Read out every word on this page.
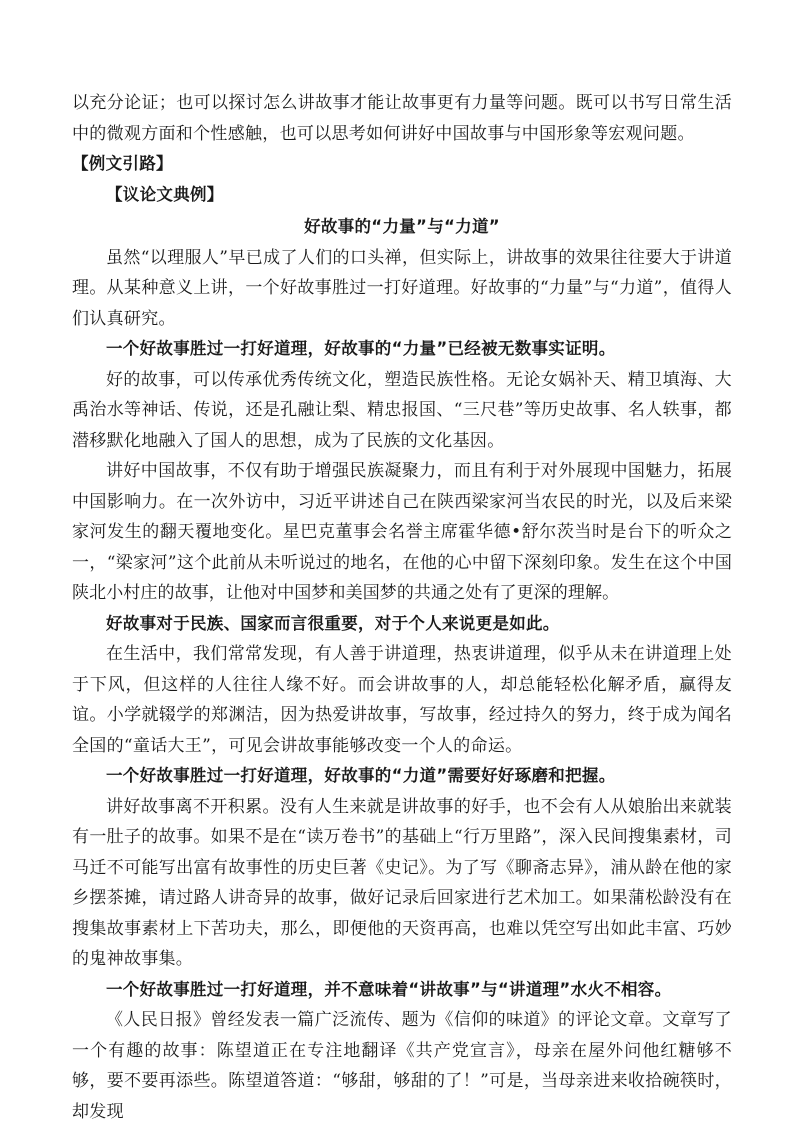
以充分论证；也可以探讨怎么讲故事才能让故事更有力量等问题。既可以书写日常生活中的微观方面和个性感触，也可以思考如何讲好中国故事与中国形象等宏观问题。

【例文引路】

【议论文典例】

好故事的“力量”与“力道”

虽然“以理服人”早已成了人们的口头禅，但实际上，讲故事的效果往往要大于讲道理。从某种意义上讲，一个好故事胜过一打好道理。好故事的“力量”与“力道”，值得人们认真研究。

一个好故事胜过一打好道理，好故事的“力量”已经被无数事实证明。

好的故事，可以传承优秀传统文化，塑造民族性格。无论女娲补天、精卫填海、大禹治水等神话、传说，还是孔融让梨、精忠报国、“三尺巷”等历史故事、名人轶事，都潜移默化地融入了国人的思想，成为了民族的文化基因。

讲好中国故事，不仅有助于增强民族凝聚力，而且有利于对外展现中国魅力，拓展中国影响力。在一次外访中，习近平讲述自己在陕西梁家河当农民的时光，以及后来梁家河发生的翻天覆地变化。星巴克董事会名誉主席霍华德•舒尔茨当时是台下的听众之一，“梁家河”这个此前从未听说过的地名，在他的心中留下深刻印象。发生在这个中国陕北小村庄的故事，让他对中国梦和美国梦的共通之处有了更深的理解。

好故事对于民族、国家而言很重要，对于个人来说更是如此。

在生活中，我们常常发现，有人善于讲道理，热衷讲道理，似乎从未在讲道理上处于下风，但这样的人往往人缘不好。而会讲故事的人，却总能轻松化解矛盾，赢得友谊。小学就辍学的郑渊洁，因为热爱讲故事，写故事，经过持久的努力，终于成为闻名全国的“童话大王”，可见会讲故事能够改变一个人的命运。

一个好故事胜过一打好道理，好故事的“力道”需要好好琢磨和把握。

讲好故事离不开积累。没有人生来就是讲故事的好手，也不会有人从娘胎出来就装有一肚子的故事。如果不是在“读万卷书”的基础上“行万里路”，深入民间搜集素材，司马迁不可能写出富有故事性的历史巨著《史记》。为了写《聊斋志异》，浦从龄在他的家乡摆茶摊，请过路人讲奇异的故事，做好记录后回家进行艺术加工。如果蒲松龄没有在搜集故事素材上下苦功夫，那么，即便他的天资再高，也难以凭空写出如此丰富、巧妙的鬼神故事集。

一个好故事胜过一打好道理，并不意味着“讲故事”与“讲道理”水火不相容。

《人民日报》曾经发表一篇广泛流传、题为《信仰的味道》的评论文章。文章写了一个有趣的故事：陈望道正在专注地翻译《共产党宣言》，母亲在屋外问他红糖够不够，要不要再添些。陈望道答道：“够甜，够甜的了！”可是，当母亲进来收拾碗筷时，却发现
